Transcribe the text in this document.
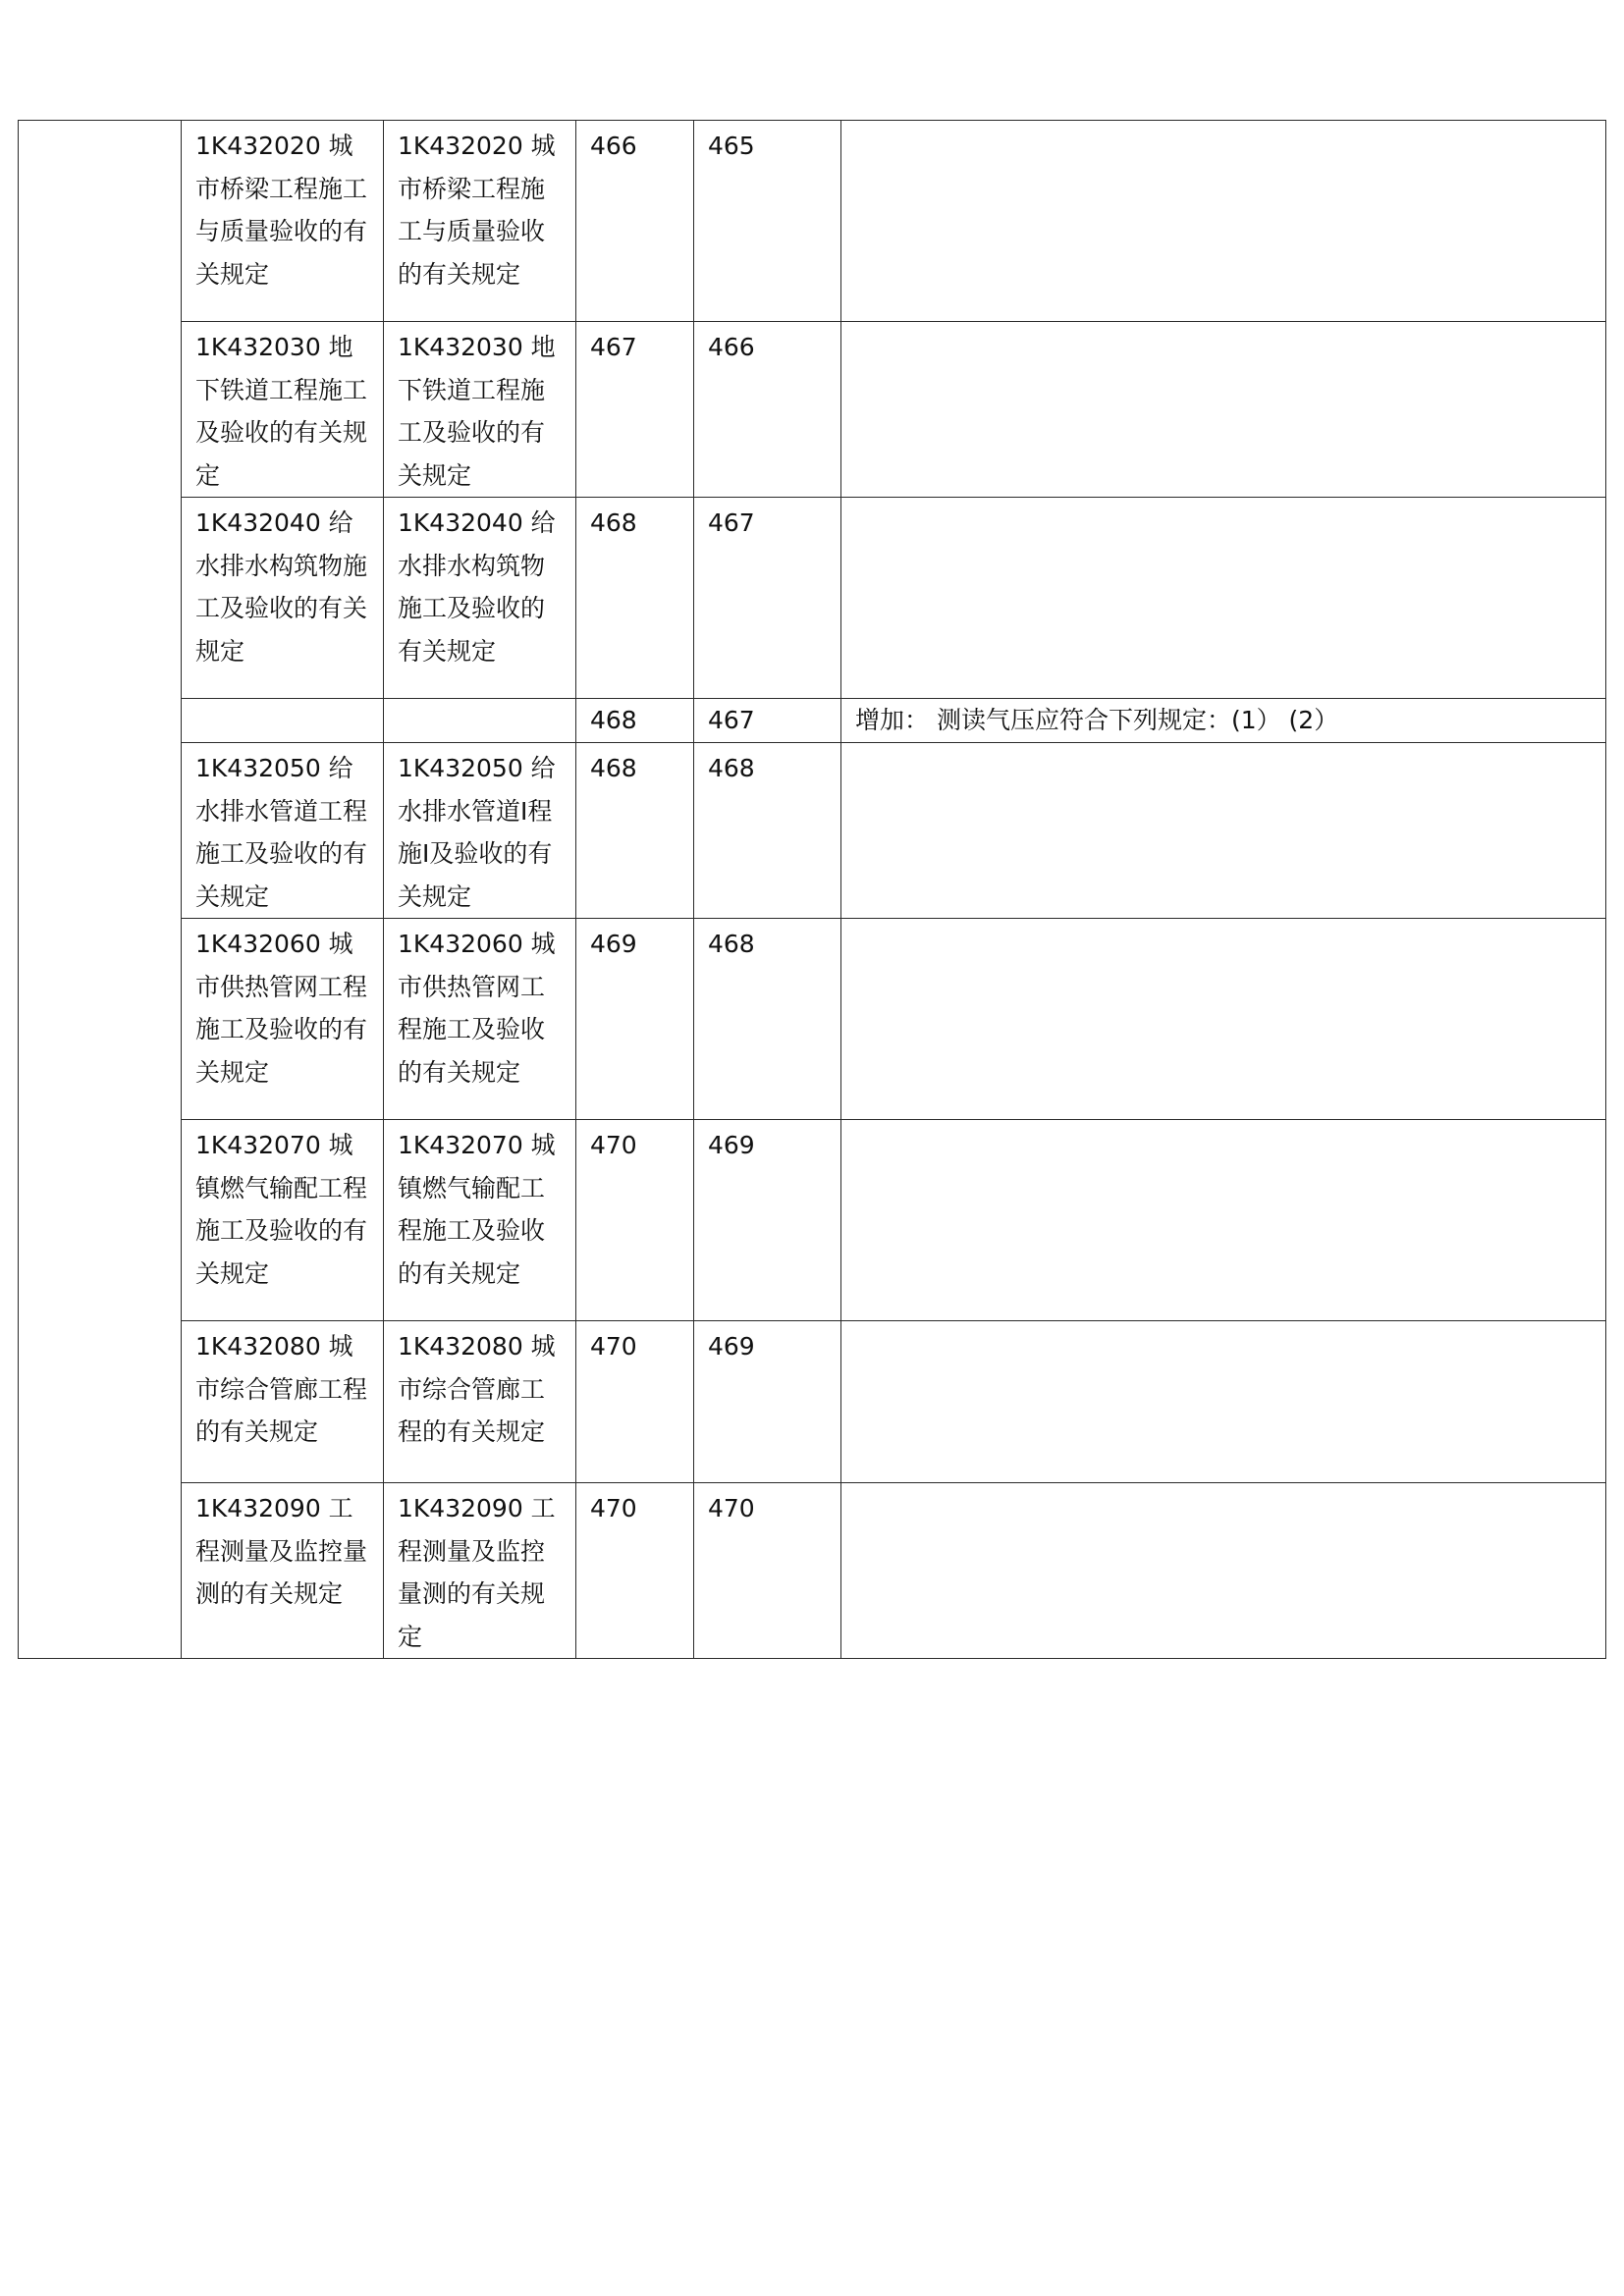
	1K432020 城市桥梁工程施工与质量验收的有关规定	1K432020 城市桥梁工程施工与质量验收的有关规定	466	465	

	1K432030 地下铁道工程施工及验收的有关规定	1K432030 地下铁道工程施工及验收的有关规定	467	466	

	1K432040 给水排水构筑物施工及验收的有关规定	1K432040 给水排水构筑物施工及验收的有关规定	468	467	

			468	467	增加： 测读气压应符合下列规定：(1） (2）

	1K432050 给水排水管道工程施工及验收的有关规定	1K432050 给水排水管道I程施I及验收的有关规定	468	468	

	1K432060 城市供热管网工程施工及验收的有关规定	1K432060 城市供热管网工程施工及验收的有关规定	469	468	

	1K432070 城镇燃气输配工程施工及验收的有关规定	1K432070 城镇燃气输配工程施工及验收的有关规定	470	469	

	1K432080 城市综合管廊工程的有关规定	1K432080 城市综合管廊工程的有关规定	470	469	

	1K432090 工程测量及监控量测的有关规定	1K432090 工程测量及监控量测的有关规定	470	470	
